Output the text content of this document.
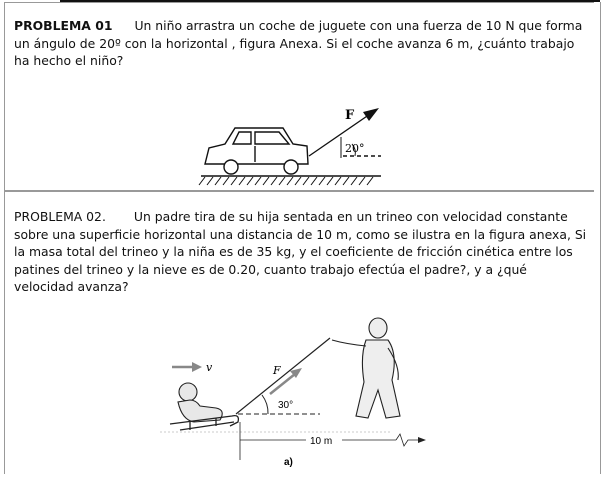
PROBLEMA 01 Un niño arrastra un coche de juguete con una fuerza de 10 N que forma un ángulo de 20º con la horizontal , figura Anexa. Si el coche avanza 6 m, ¿cuánto trabajo ha hecho el niño?

F
20°

PROBLEMA 02. Un padre tira de su hija sentada en un trineo con velocidad constante sobre una superficie horizontal una distancia de 10 m, como se ilustra en la figura anexa, Si la masa total del trineo y la niña es de 35 kg, y el coeficiente de fricción cinética entre los patines del trineo y la nieve es de 0.20, cuanto trabajo efectúa el padre?, y a ¿qué velocidad avanza?

v	F
30°
10 m
a)
